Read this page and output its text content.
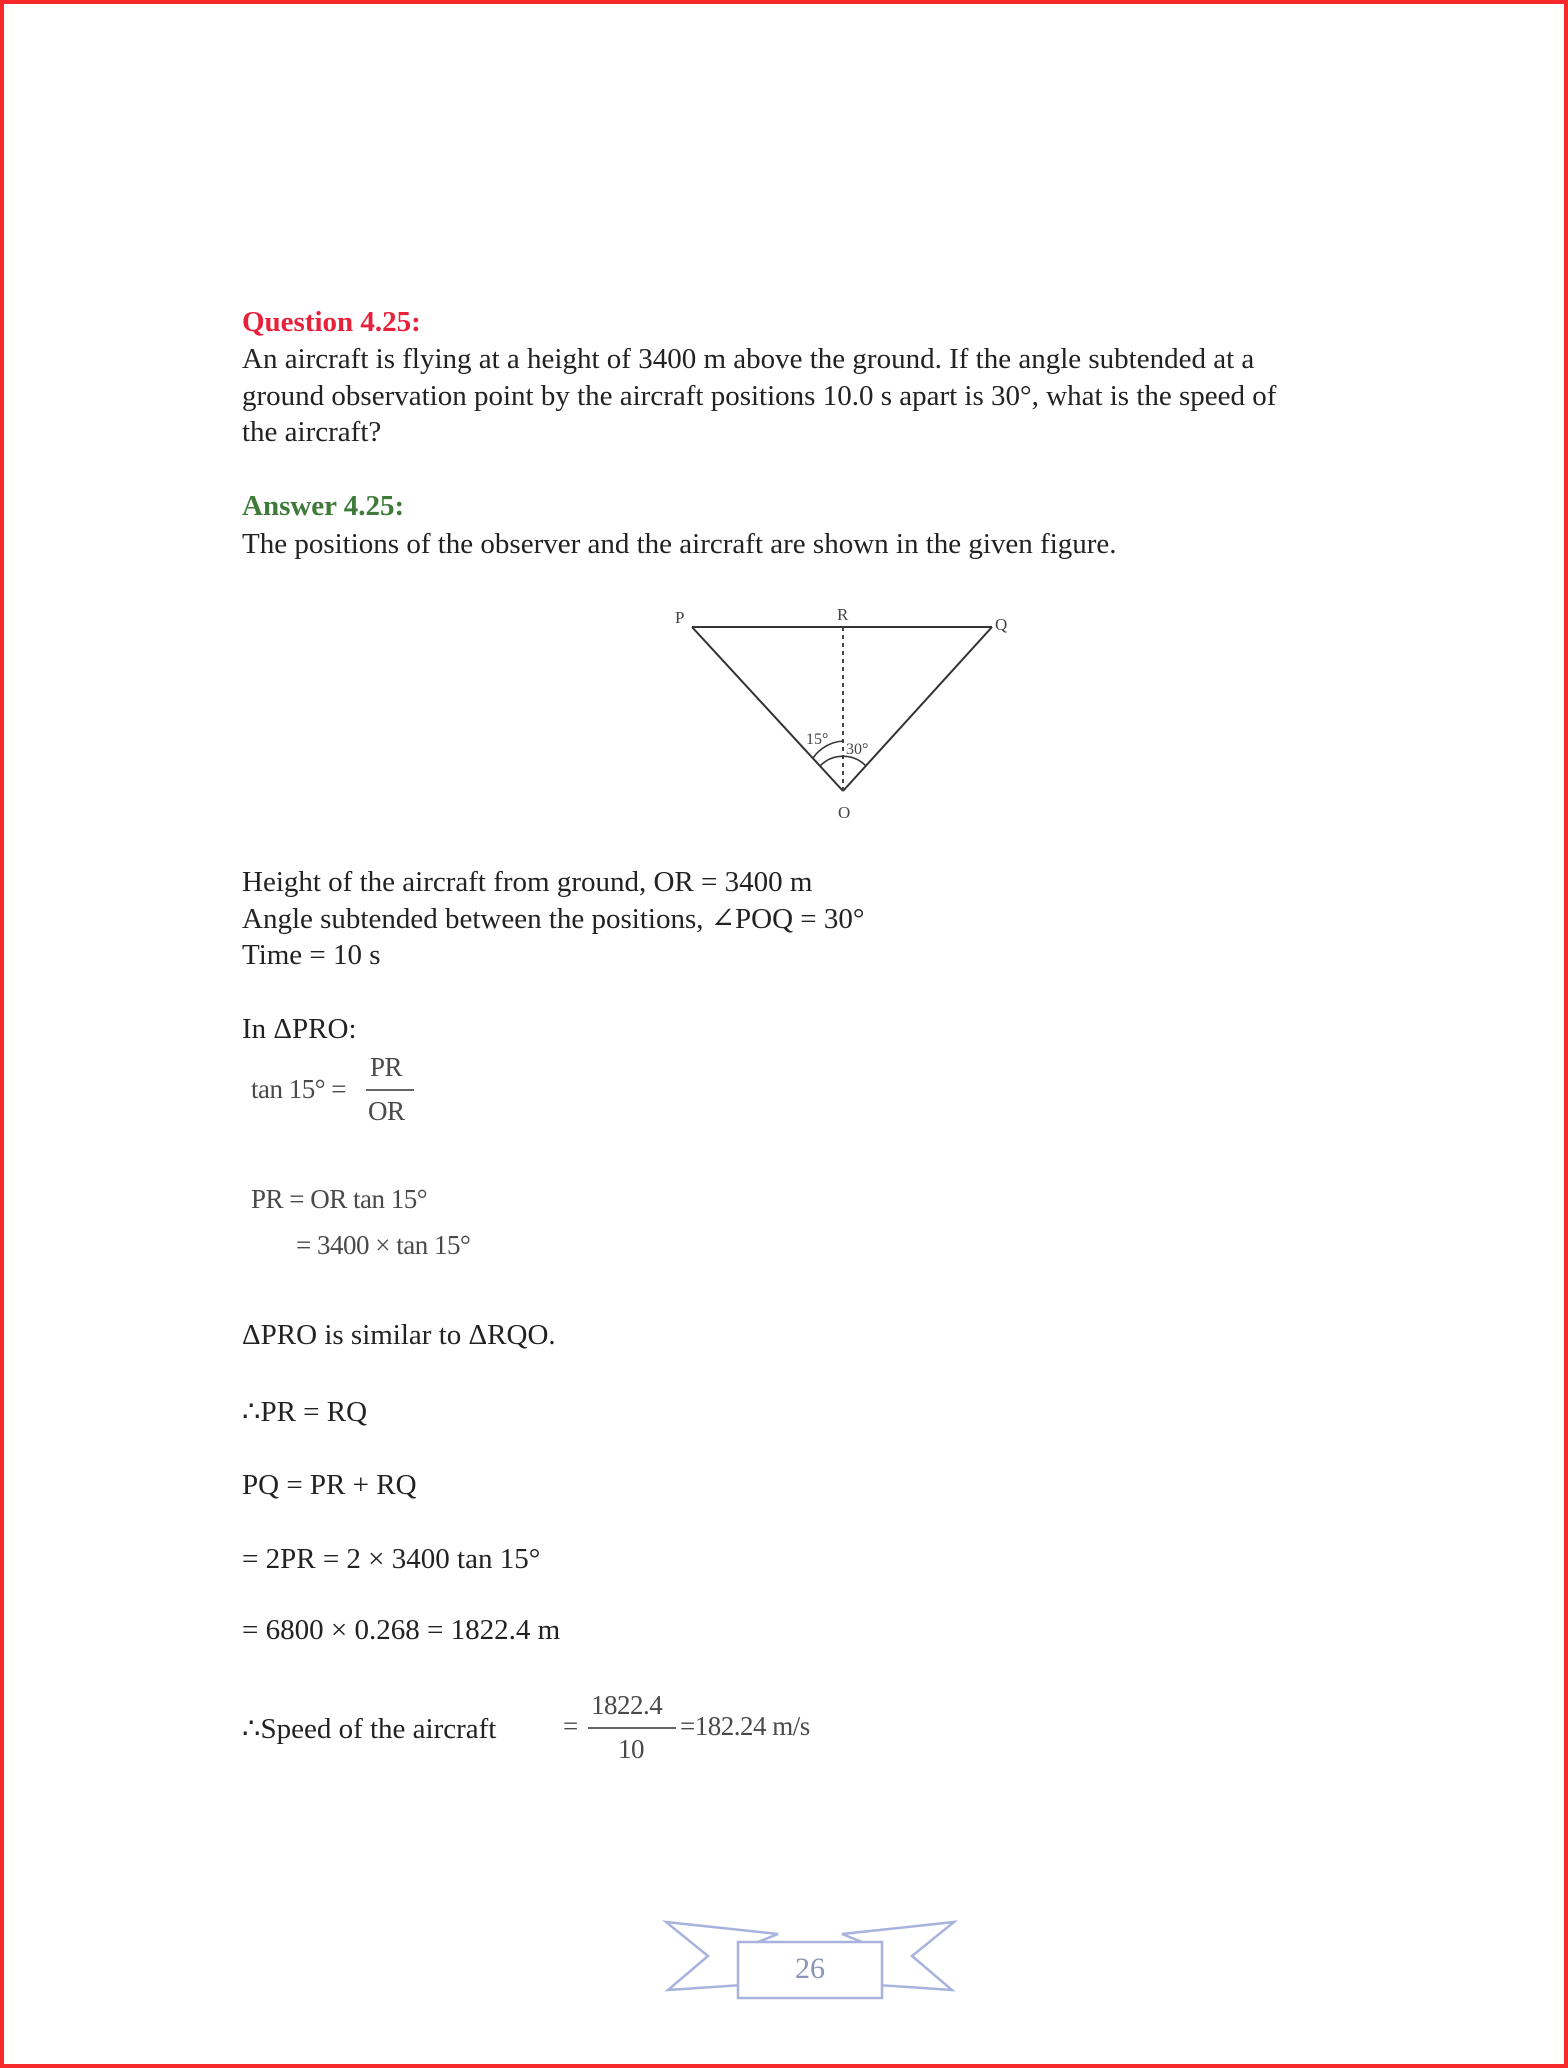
Question 4.25:
An aircraft is flying at a height of 3400 m above the ground. If the angle subtended at a
ground observation point by the aircraft positions 10.0 s apart is 30°, what is the speed of
the aircraft?
Answer 4.25:
The positions of the observer and the aircraft are shown in the given figure.
P	R
Q
O
15°
30°
Height of the aircraft from ground, OR = 3400 m
Angle subtended between the positions, ∠POQ = 30°
Time = 10 s
In ΔPRO:
tan 15° =
PR
OR
PR = OR tan 15°
= 3400 × tan 15°
ΔPRO is similar to ΔRQO.
∴PR = RQ
PQ = PR + RQ
= 2PR = 2 × 3400 tan 15°
= 6800 × 0.268 = 1822.4 m
∴Speed of the aircraft =
1822.4
10
=182.24 m/s
26
